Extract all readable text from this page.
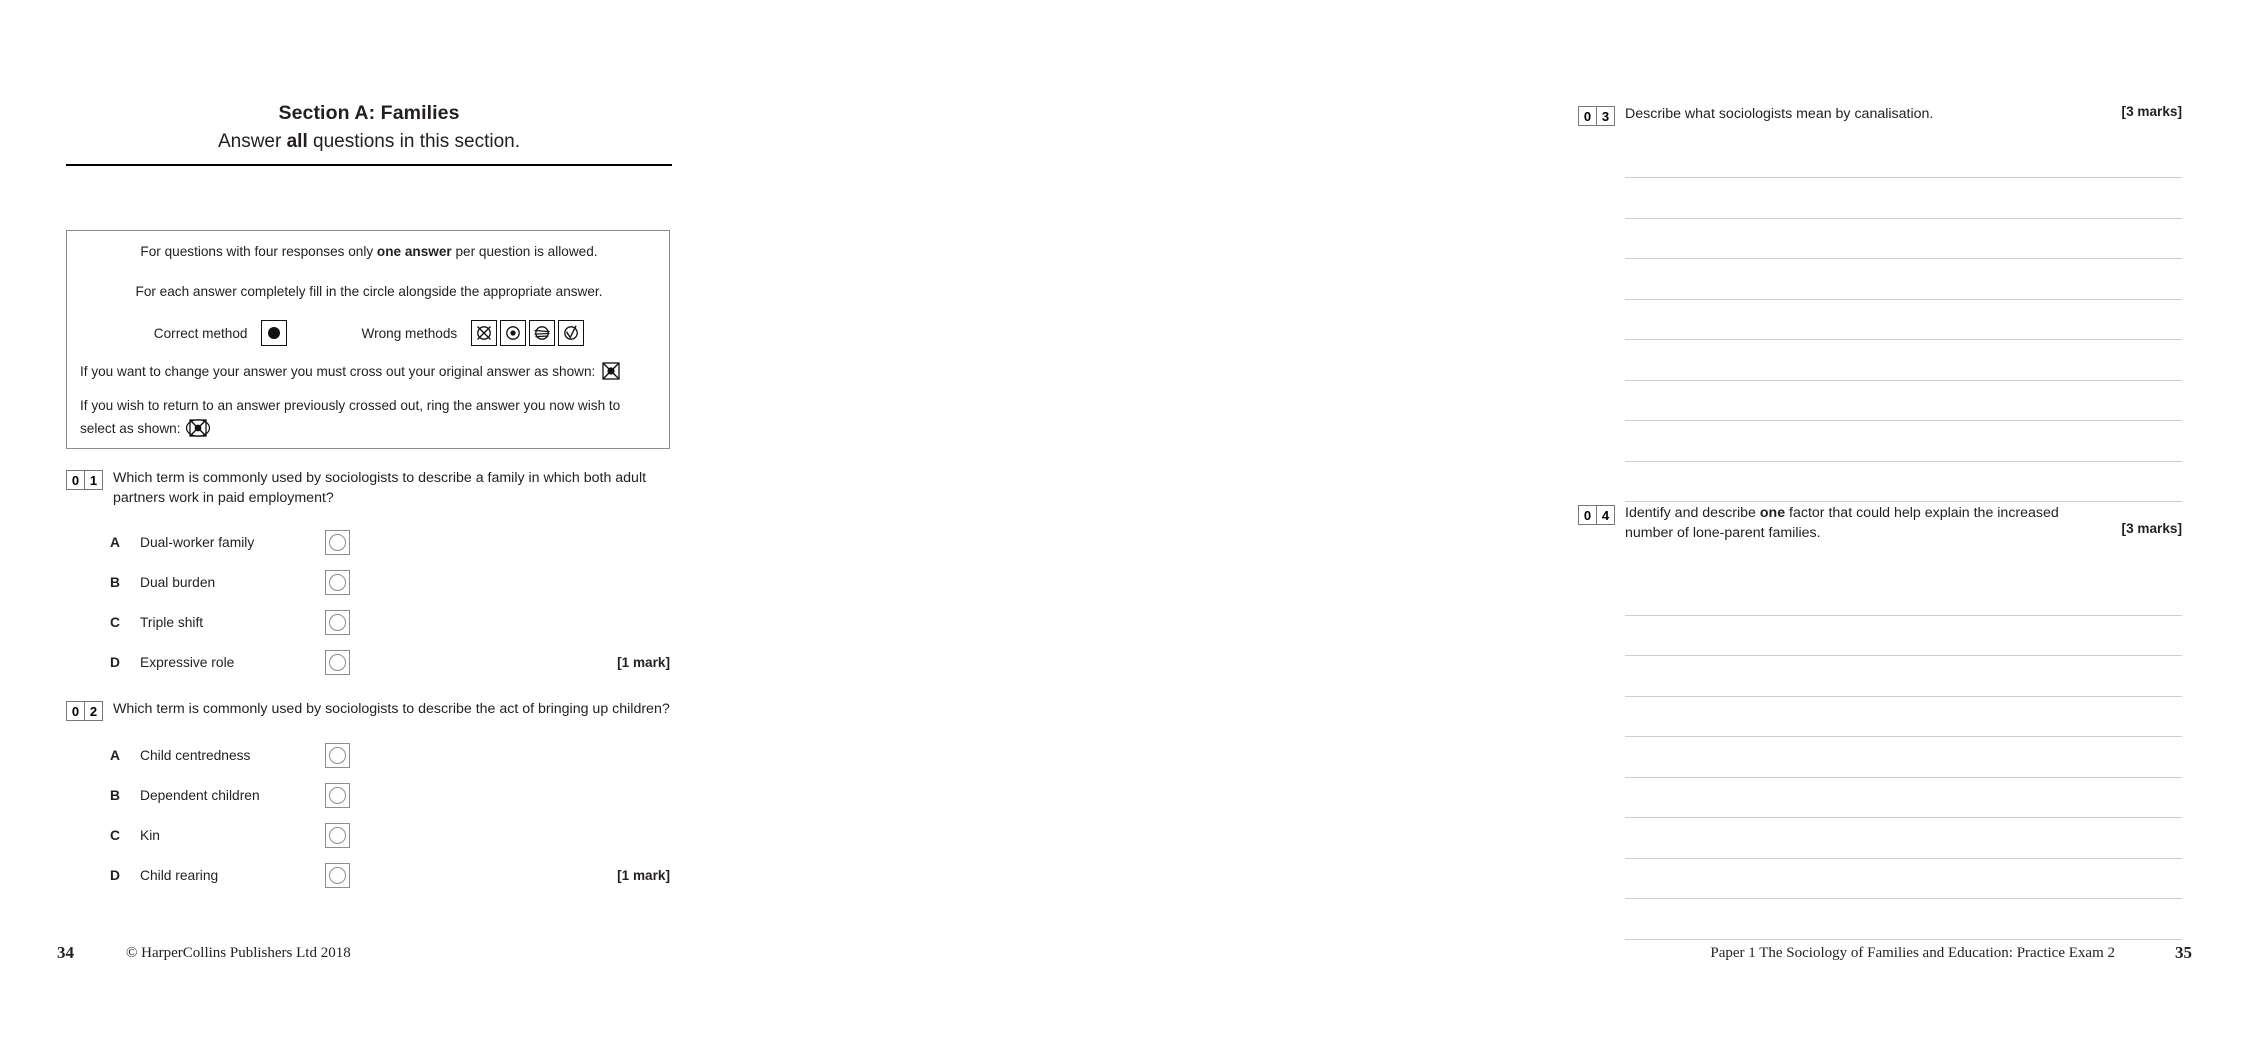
Section A: Families
Answer all questions in this section.
For questions with four responses only one answer per question is allowed.
For each answer completely fill in the circle alongside the appropriate answer.
Correct method	Wrong methods
If you want to change your answer you must cross out your original answer as shown:
If you wish to return to an answer previously crossed out, ring the answer you now wish to select as shown:
0 1	Which term is commonly used by sociologists to describe a family in which both adult partners work in paid employment?
A	Dual-worker family
B	Dual burden
C	Triple shift
D	Expressive role	[1 mark]
0 2	Which term is commonly used by sociologists to describe the act of bringing up children?
A	Child centredness
B	Dependent children
C	Kin
D	Child rearing	[1 mark]
34	© HarperCollins Publishers Ltd 2018
0 3	Describe what sociologists mean by canalisation.	[3 marks]
0 4	Identify and describe one factor that could help explain the increased number of lone-parent families.	[3 marks]
Paper 1 The Sociology of Families and Education: Practice Exam 2	35
